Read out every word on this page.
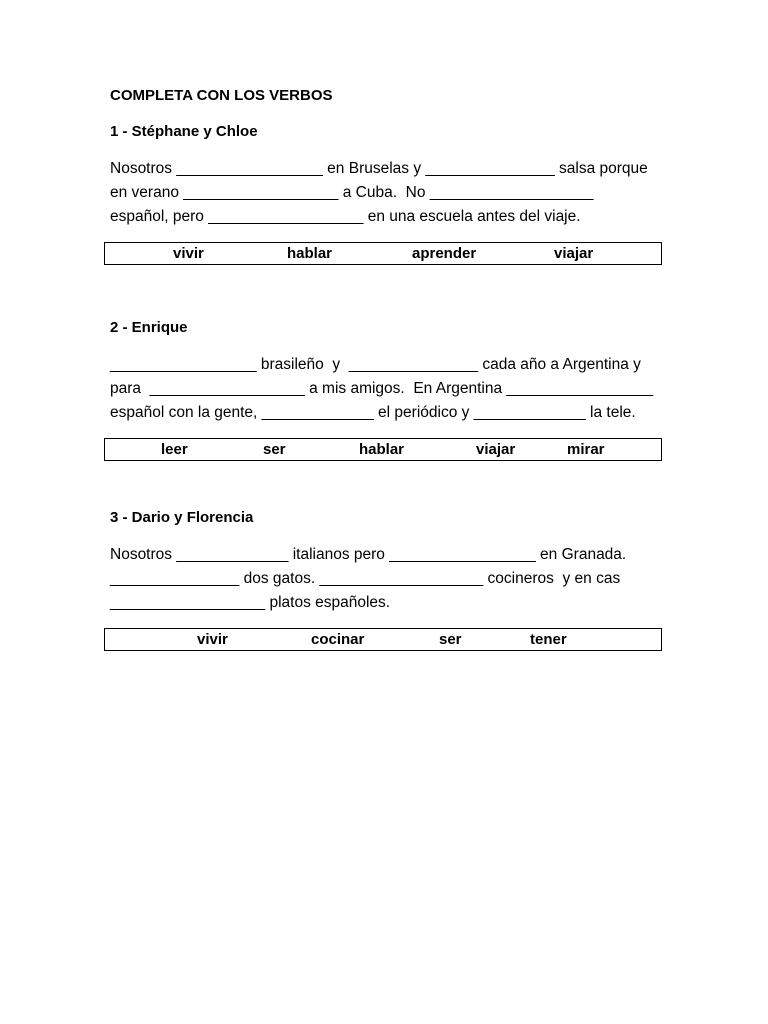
COMPLETA CON LOS VERBOS
1 - Stéphane y Chloe
Nosotros _________________ en Bruselas y _______________ salsa porque
en verano __________________ a Cuba.  No ___________________
español, pero __________________ en una escuela antes del viaje.
vivir	hablar	aprender	viajar
2 - Enrique
_________________ brasileño  y  _______________ cada año a Argentina y
para  __________________ a mis amigos.  En Argentina _________________
español con la gente, _____________ el periódico y _____________ la tele.
leer	ser	hablar	viajar	mirar
3 - Dario y Florencia
Nosotros _____________ italianos pero _________________ en Granada.
_______________ dos gatos. ___________________ cocineros  y en cas
__________________ platos españoles.
vivir	cocinar	ser	tener
